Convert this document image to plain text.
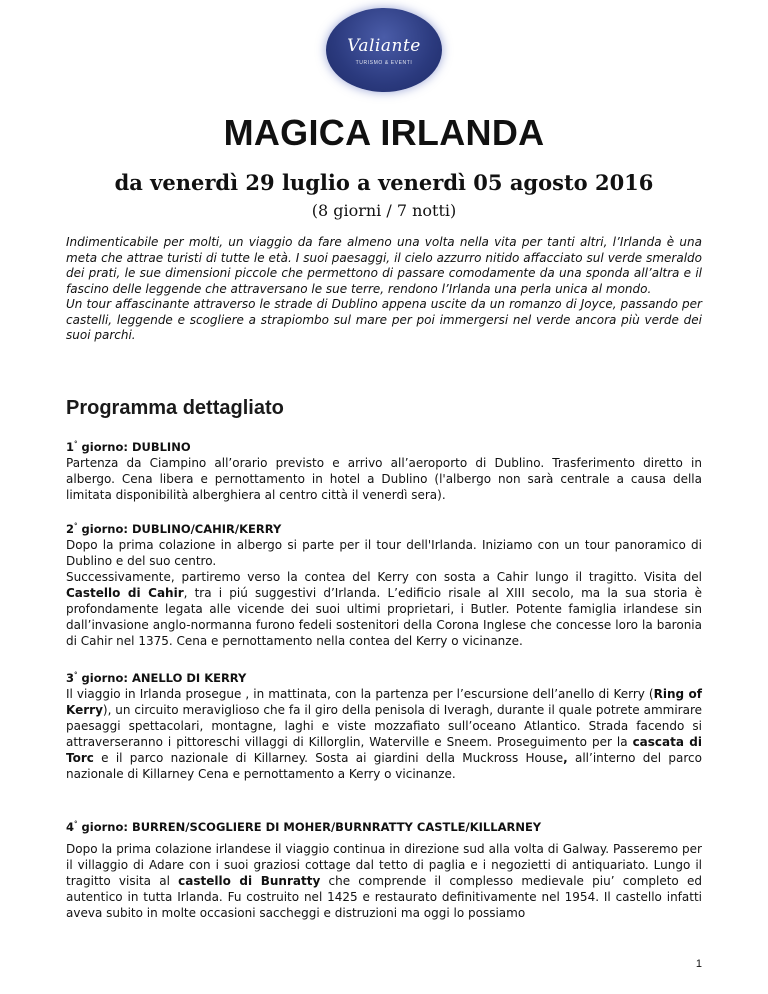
Valiante
TURISMO & EVENTI
MAGICA IRLANDA
da venerdì 29 luglio a venerdì 05 agosto 2016
(8 giorni / 7 notti)

Indimenticabile per molti, un viaggio da fare almeno una volta nella vita per tanti altri, l’Irlanda è una meta che attrae turisti di tutte le età. I suoi paesaggi, il cielo azzurro nitido affacciato sul verde smeraldo dei prati, le sue dimensioni piccole che permettono di passare comodamente da una sponda all’altra e il fascino delle leggende che attraversano le sue terre, rendono l’Irlanda una perla unica al mondo.

Un tour affascinante attraverso le strade di Dublino appena uscite da un romanzo di Joyce, passando per castelli, leggende e scogliere a strapiombo sul mare per poi immergersi nel verde ancora più verde dei suoi parchi.

Programma dettagliato
1° giorno: DUBLINO

Partenza da Ciampino all’orario previsto e arrivo all’aeroporto di Dublino. Trasferimento diretto in albergo. Cena libera e pernottamento in hotel a Dublino (l'albergo non sarà centrale a causa della limitata disponibilità alberghiera al centro città il venerdì sera).

2° giorno: DUBLINO/CAHIR/KERRY

Dopo la prima colazione in albergo si parte per il tour dell'Irlanda. Iniziamo con un tour panoramico di Dublino e del suo centro.

Successivamente, partiremo verso la contea del Kerry con sosta a Cahir lungo il tragitto. Visita del Castello di Cahir, tra i piú suggestivi d’Irlanda. L’edificio risale al XIII secolo, ma la sua storia è profondamente legata alle vicende dei suoi ultimi proprietari, i Butler. Potente famiglia irlandese sin dall’invasione anglo-normanna furono fedeli sostenitori della Corona Inglese che concesse loro la baronia di Cahir nel 1375. Cena e pernottamento nella contea del Kerry o vicinanze.

3° giorno: ANELLO DI KERRY

Il viaggio in Irlanda prosegue , in mattinata, con la partenza per l’escursione dell’anello di Kerry (Ring of Kerry), un circuito meraviglioso che fa il giro della penisola di Iveragh, durante il quale potrete ammirare paesaggi spettacolari, montagne, laghi e viste mozzafiato sull’oceano Atlantico. Strada facendo si attraverseranno i pittoreschi villaggi di Killorglin, Waterville e Sneem. Proseguimento per la cascata di Torc e il parco nazionale di Killarney. Sosta ai giardini della Muckross House, all’interno del parco nazionale di Killarney Cena e pernottamento a Kerry o vicinanze.

4° giorno: BURREN/SCOGLIERE DI MOHER/BURNRATTY CASTLE/KILLARNEY

Dopo la prima colazione irlandese il viaggio continua in direzione sud alla volta di Galway. Passeremo per il villaggio di Adare con i suoi graziosi cottage dal tetto di paglia e i negozietti di antiquariato. Lungo il tragitto visita al castello di Bunratty che comprende il complesso medievale piu’ completo ed autentico in tutta Irlanda. Fu costruito nel 1425 e restaurato definitivamente nel 1954. Il castello infatti aveva subito in molte occasioni saccheggi e distruzioni ma oggi lo possiamo

1
